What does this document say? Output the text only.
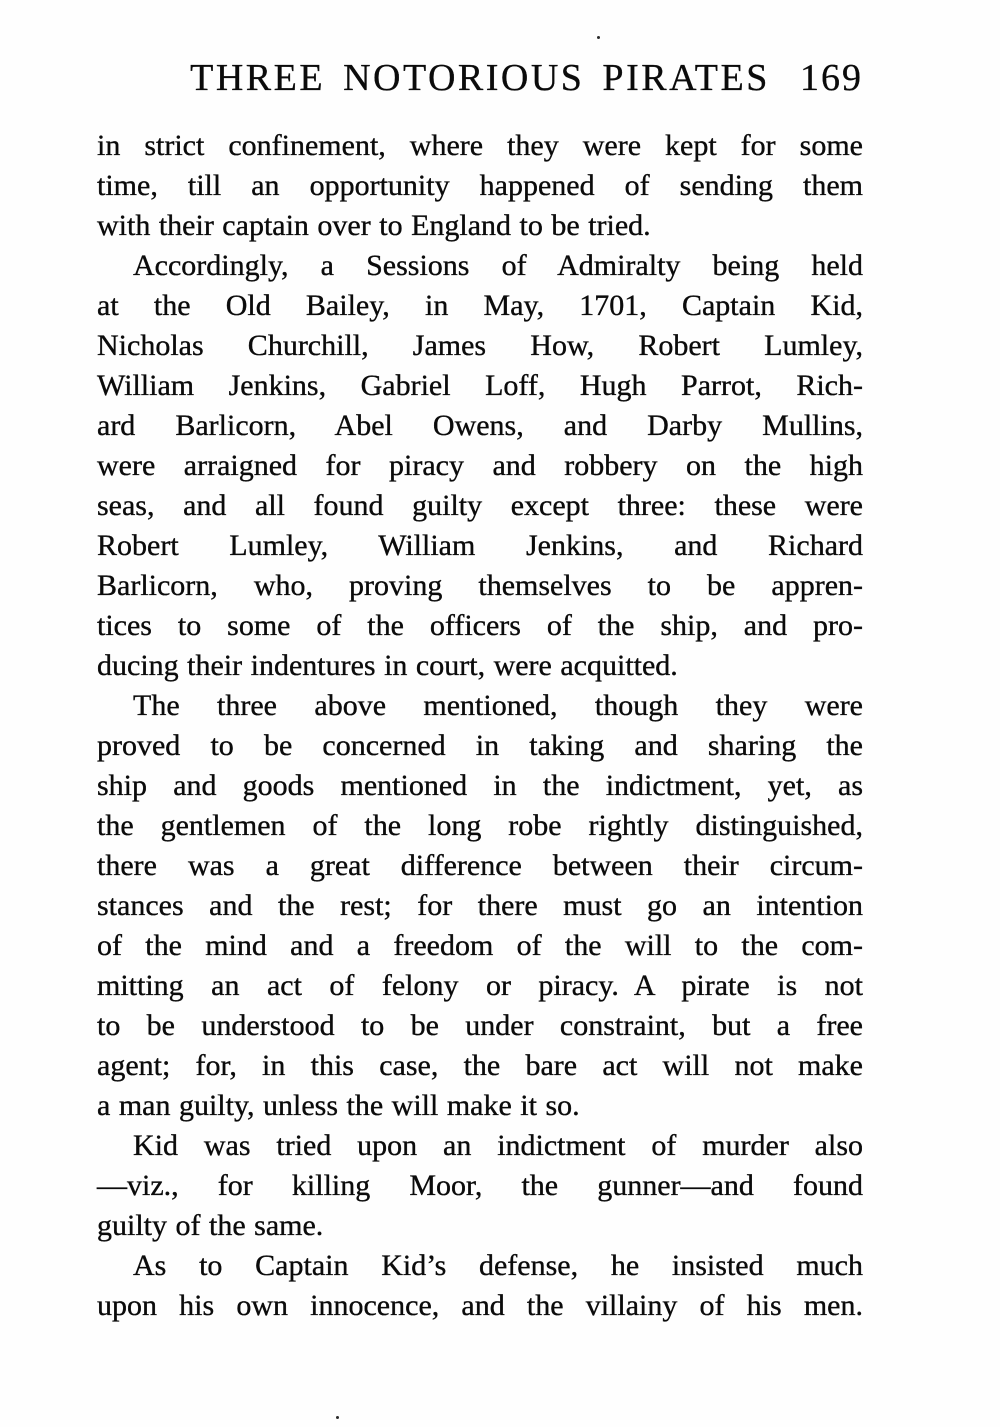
THREE NOTORIOUS PIRATES 169
in strict confinement, where they were kept for some
time, till an opportunity happened of sending them
with their captain over to England to be tried.
Accordingly, a Sessions of Admiralty being held
at the Old Bailey, in May, 1701, Captain Kid,
Nicholas Churchill, James How, Robert Lumley,
William Jenkins, Gabriel Loff, Hugh Parrot, Rich-
ard Barlicorn, Abel Owens, and Darby Mullins,
were arraigned for piracy and robbery on the high
seas, and all found guilty except three: these were
Robert Lumley, William Jenkins, and Richard
Barlicorn, who, proving themselves to be appren-
tices to some of the officers of the ship, and pro-
ducing their indentures in court, were acquitted.
The three above mentioned, though they were
proved to be concerned in taking and sharing the
ship and goods mentioned in the indictment, yet, as
the gentlemen of the long robe rightly distinguished,
there was a great difference between their circum-
stances and the rest; for there must go an intention
of the mind and a freedom of the will to the com-
mitting an act of felony or piracy. A pirate is not
to be understood to be under constraint, but a free
agent; for, in this case, the bare act will not make
a man guilty, unless the will make it so.
Kid was tried upon an indictment of murder also
—viz., for killing Moor, the gunner—and found
guilty of the same.
As to Captain Kid’s defense, he insisted much
upon his own innocence, and the villainy of his men.
